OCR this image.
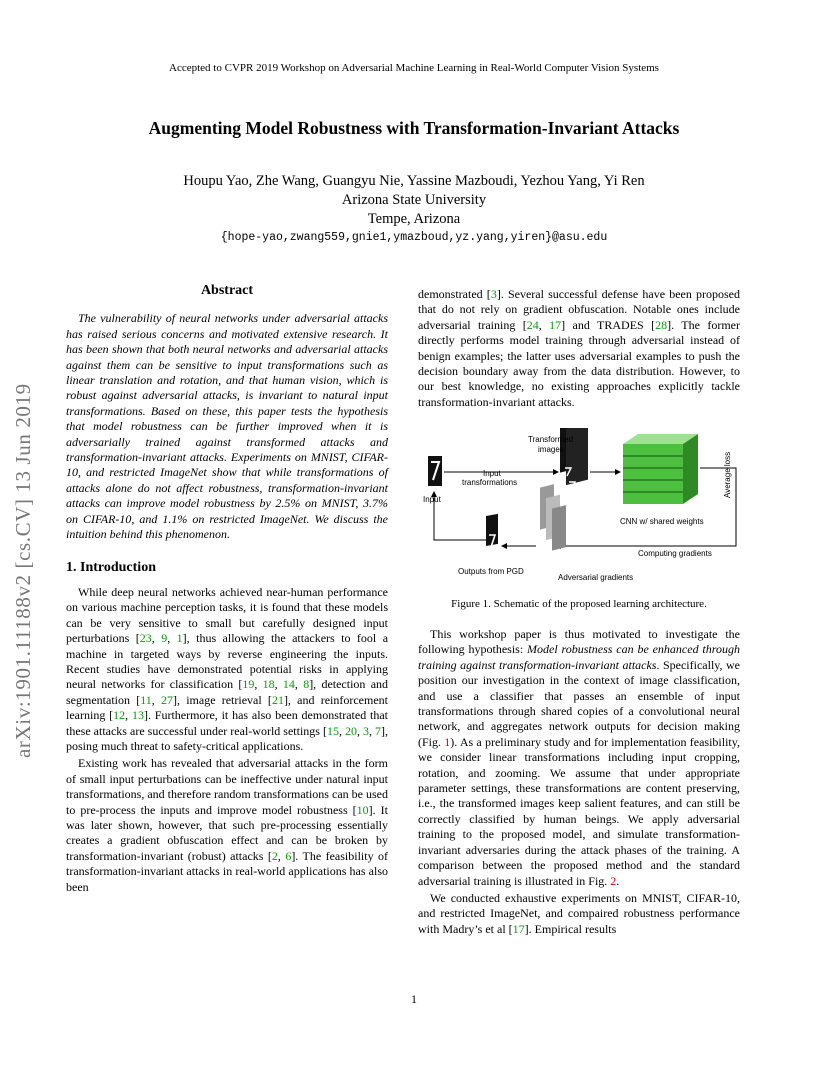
Accepted to CVPR 2019 Workshop on Adversarial Machine Learning in Real-World Computer Vision Systems
Augmenting Model Robustness with Transformation-Invariant Attacks
Houpu Yao, Zhe Wang, Guangyu Nie, Yassine Mazboudi, Yezhou Yang, Yi Ren
Arizona State University
Tempe, Arizona
{hope-yao,zwang559,gnie1,ymazboud,yz.yang,yiren}@asu.edu
arXiv:1901.11188v2 [cs.CV] 13 Jun 2019
Abstract

The vulnerability of neural networks under adversarial attacks has raised serious concerns and motivated extensive research. It has been shown that both neural networks and adversarial attacks against them can be sensitive to input transformations such as linear translation and rotation, and that human vision, which is robust against adversarial attacks, is invariant to natural input transformations. Based on these, this paper tests the hypothesis that model robustness can be further improved when it is adversarially trained against transformed attacks and transformation-invariant attacks. Experiments on MNIST, CIFAR-10, and restricted ImageNet show that while transformations of attacks alone do not affect robustness, transformation-invariant attacks can improve model robustness by 2.5% on MNIST, 3.7% on CIFAR-10, and 1.1% on restricted ImageNet. We discuss the intuition behind this phenomenon.

1. Introduction

While deep neural networks achieved near-human performance on various machine perception tasks, it is found that these models can be very sensitive to small but carefully designed input perturbations [23, 9, 1], thus allowing the attackers to fool a machine in targeted ways by reverse engineering the inputs. Recent studies have demonstrated potential risks in applying neural networks for classification [19, 18, 14, 8], detection and segmentation [11, 27], image retrieval [21], and reinforcement learning [12, 13]. Furthermore, it has also been demonstrated that these attacks are successful under real-world settings [15, 20, 3, 7], posing much threat to safety-critical applications.

Existing work has revealed that adversarial attacks in the form of small input perturbations can be ineffective under natural input transformations, and therefore random transformations can be used to pre-process the inputs and improve model robustness [10]. It was later shown, however, that such pre-processing essentially creates a gradient obfuscation effect and can be broken by transformation-invariant (robust) attacks [2, 6]. The feasibility of transformation-invariant attacks in real-world applications has also been

demonstrated [3]. Several successful defense have been proposed that do not rely on gradient obfuscation. Notable ones include adversarial training [24, 17] and TRADES [28]. The former directly performs model training through adversarial instead of benign examples; the latter uses adversarial examples to push the decision boundary away from the data distribution. However, to our best knowledge, no existing approaches explicitly tackle transformation-invariant attacks.

Input
Input
transformations
Transformed
images
CNN w/ shared weights
Average loss
Computing gradients
Adversarial gradients
Outputs from PGD
Figure 1. Schematic of the proposed learning architecture.

This workshop paper is thus motivated to investigate the following hypothesis: Model robustness can be enhanced through training against transformation-invariant attacks. Specifically, we position our investigation in the context of image classification, and use a classifier that passes an ensemble of input transformations through shared copies of a convolutional neural network, and aggregates network outputs for decision making (Fig. 1). As a preliminary study and for implementation feasibility, we consider linear transformations including input cropping, rotation, and zooming. We assume that under appropriate parameter settings, these transformations are content preserving, i.e., the transformed images keep salient features, and can still be correctly classified by human beings. We apply adversarial training to the proposed model, and simulate transformation-invariant adversaries during the attack phases of the training. A comparison between the proposed method and the standard adversarial training is illustrated in Fig. 2.

We conducted exhaustive experiments on MNIST, CIFAR-10, and restricted ImageNet, and compaired robustness performance with Madry’s et al [17]. Empirical results

1
